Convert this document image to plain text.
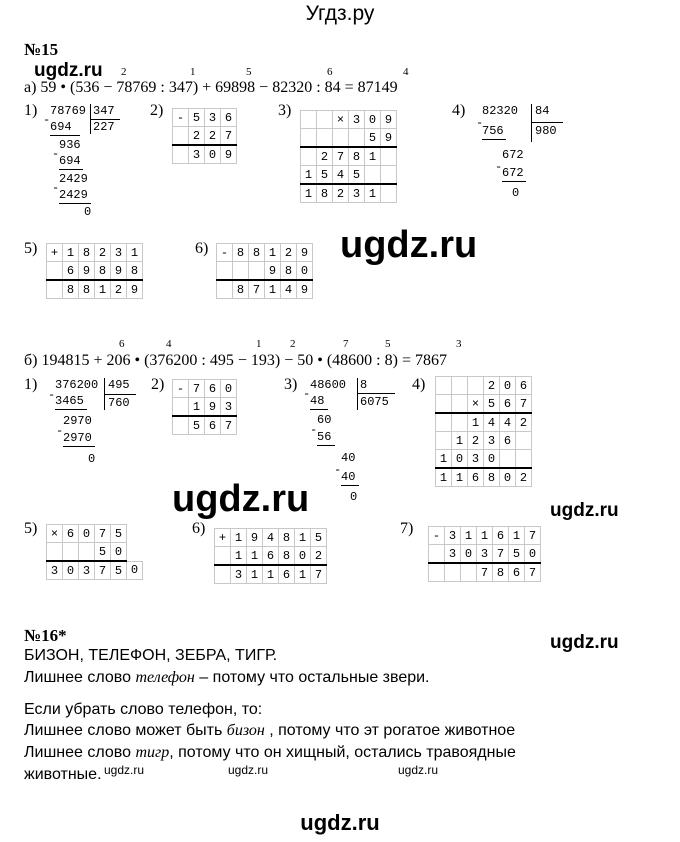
Угдз.ру
№15
ugdz.ru 2	1	5	6	4
а) 59 • (536 − 78769 : 347) + 69898 − 82320 : 84 = 87149
1) 78769 347
227
- 694
936
- 694
2429
- 2429
0
2) -	5	3	6
	2	2	7
	3	0	9
3)
		×	3	0	9
				5	9
	2	7	8	1	
1	5	4	5		
1	8	2	3	1	
4) 82320 84
980
-
756
672
- 672
0
5) +	1	8	2	3	1
	6	9	8	9	8
	8	8	1	2	9
6) -	8	8	1	2	9
			9	8	0
	8	7	1	4	9
ugdz.ru
6	4	1	2	7	5	3
б) 194815 + 206 • (376200 : 495 − 193) − 50 • (48600 : 8) = 7867
1) 376200 495
760
- 3465
2970
- 2970
0
2) -	7	6	0
	1	9	3
	5	6	7
3) 48600 8
6075
- 48
60
- 56
40
- 40
0
4)
				2	0	6
		×	5	6	7
		1	4	4	2
	1	2	3	6	
1	0	3	0		
1	1	6	8	0	2
ugdz.ru	ugdz.ru
5) ×	6	0	7	5	
			5	0	
3	0	3	7	5	0
6)
+	1	9	4	8	1	5
	1	1	6	8	0	2
	3	1	1	6	1	7
7) -	3	1	1	6	1	7
	3	0	3	7	5	0
			7	8	6	7
№16*	ugdz.ru
БИЗОН, ТЕЛЕФОН, ЗЕБРА, ТИГР.
Лишнее слово телефон – потому что остальные звери.
Если убрать слово телефон, то:
Лишнее слово может быть бизон , потому что эт рогатое животное
Лишнее слово тигр, потому что он хищный, остались травоядные
животные. ugdz.ru	ugdz.ru	ugdz.ru
ugdz.ru
